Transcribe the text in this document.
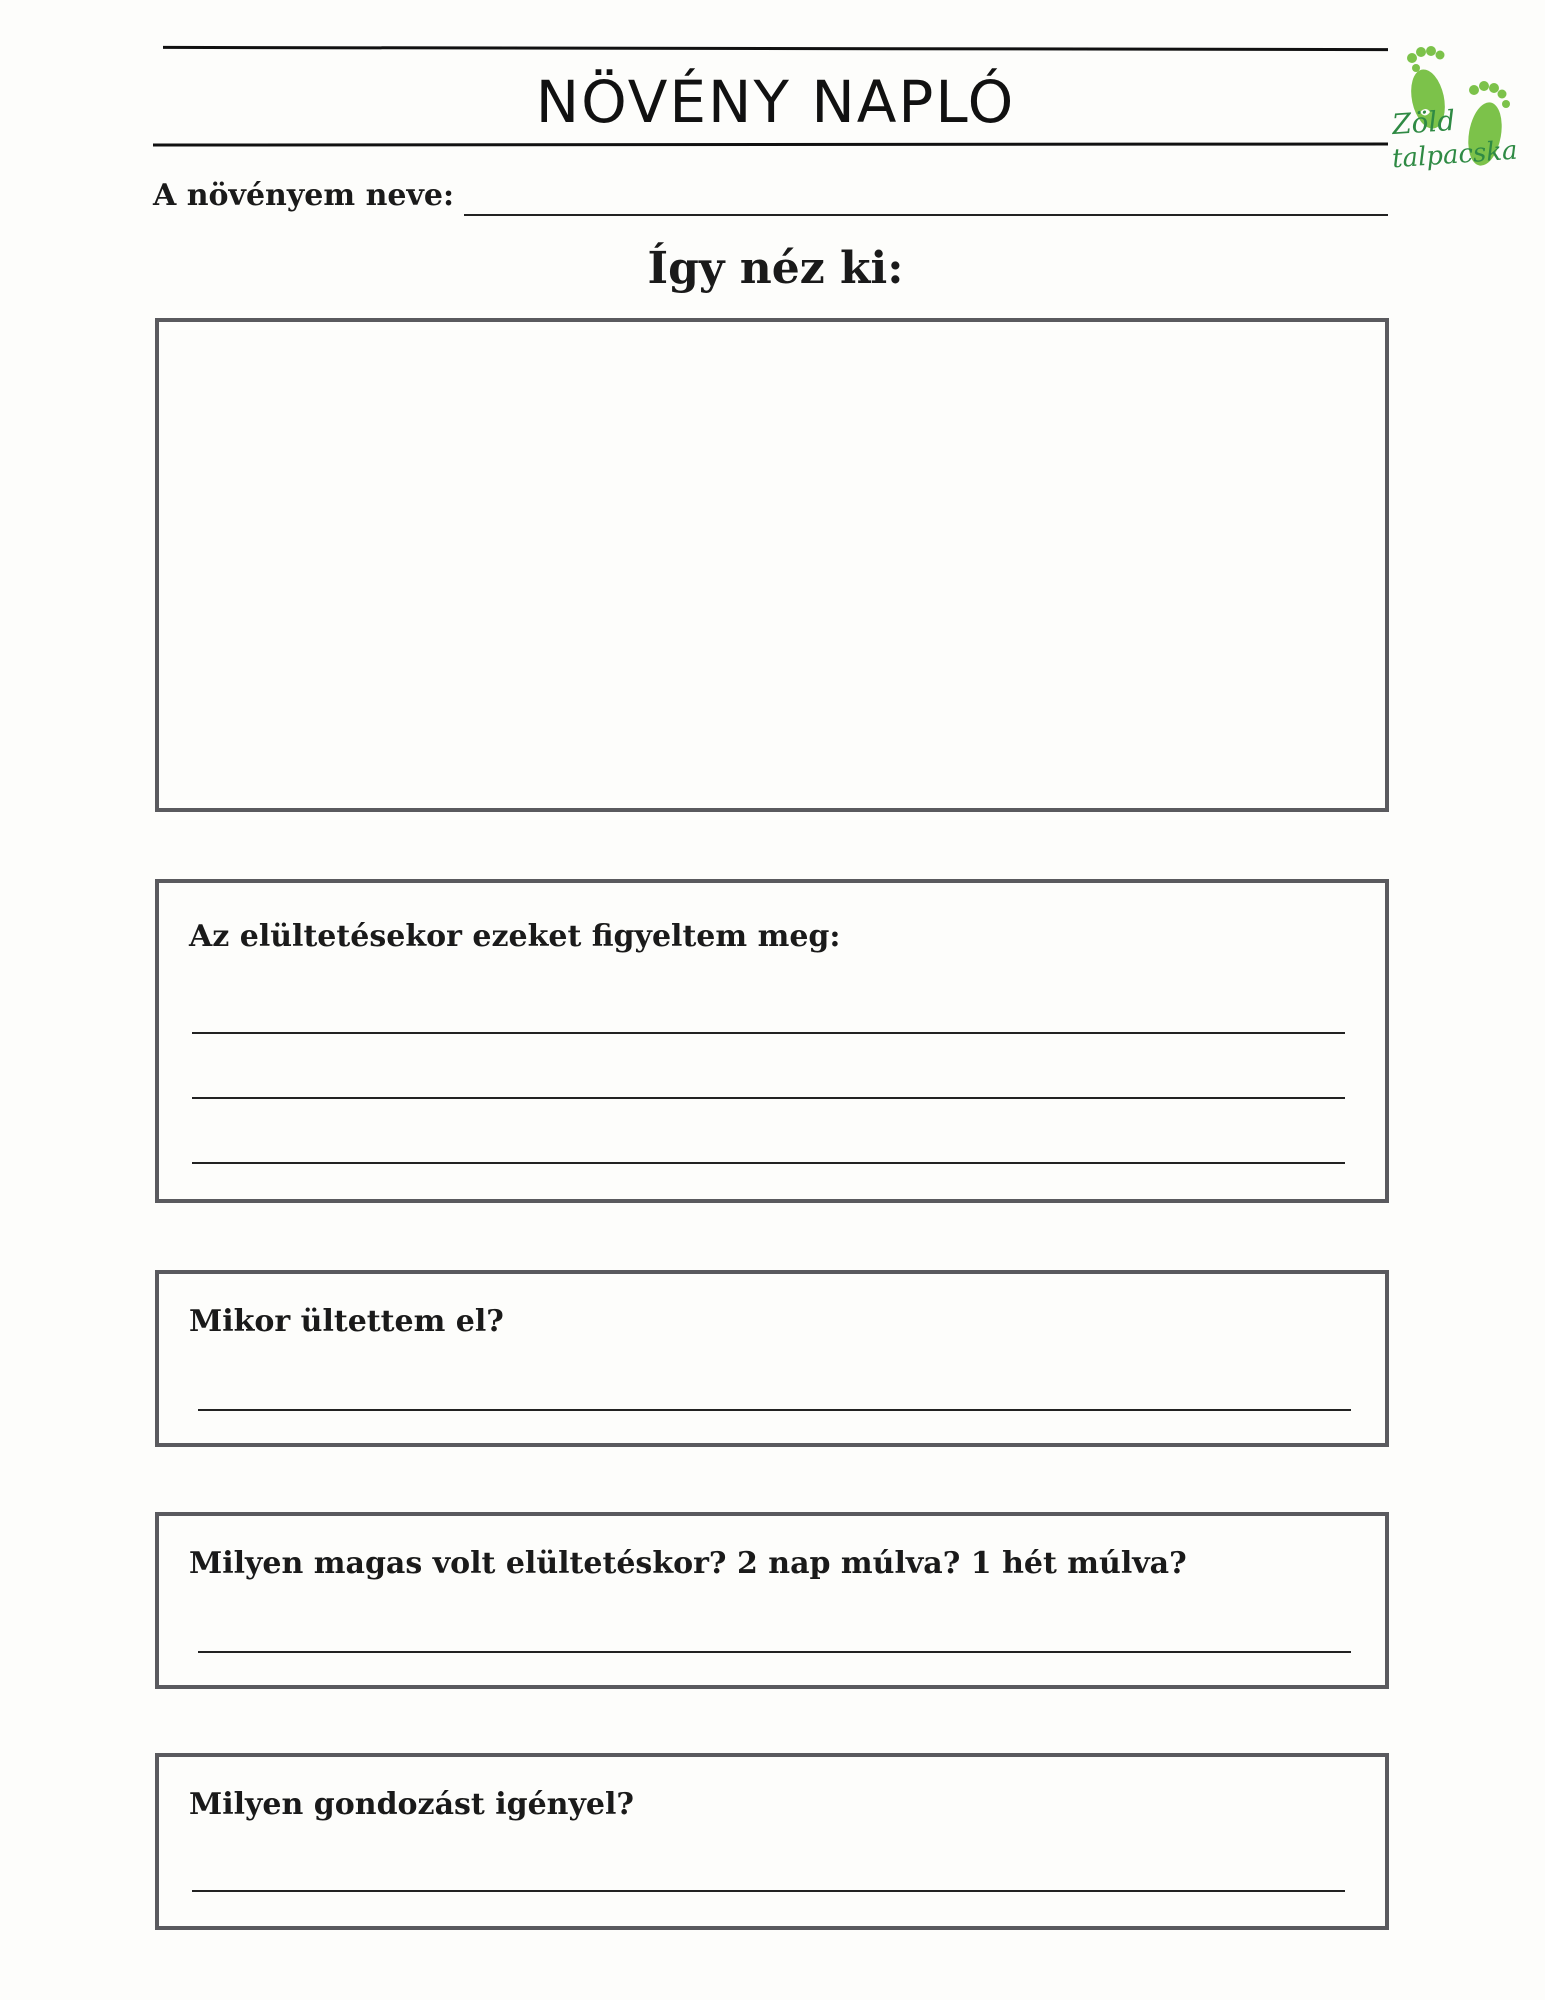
NÖVÉNY NAPLÓ	Zöld
talpacska
A növényem neve:
Így néz ki:
Az elültetésekor ezeket figyeltem meg:
Mikor ültettem el?
Milyen magas volt elültetéskor? 2 nap múlva? 1 hét múlva?
Milyen gondozást igényel?
